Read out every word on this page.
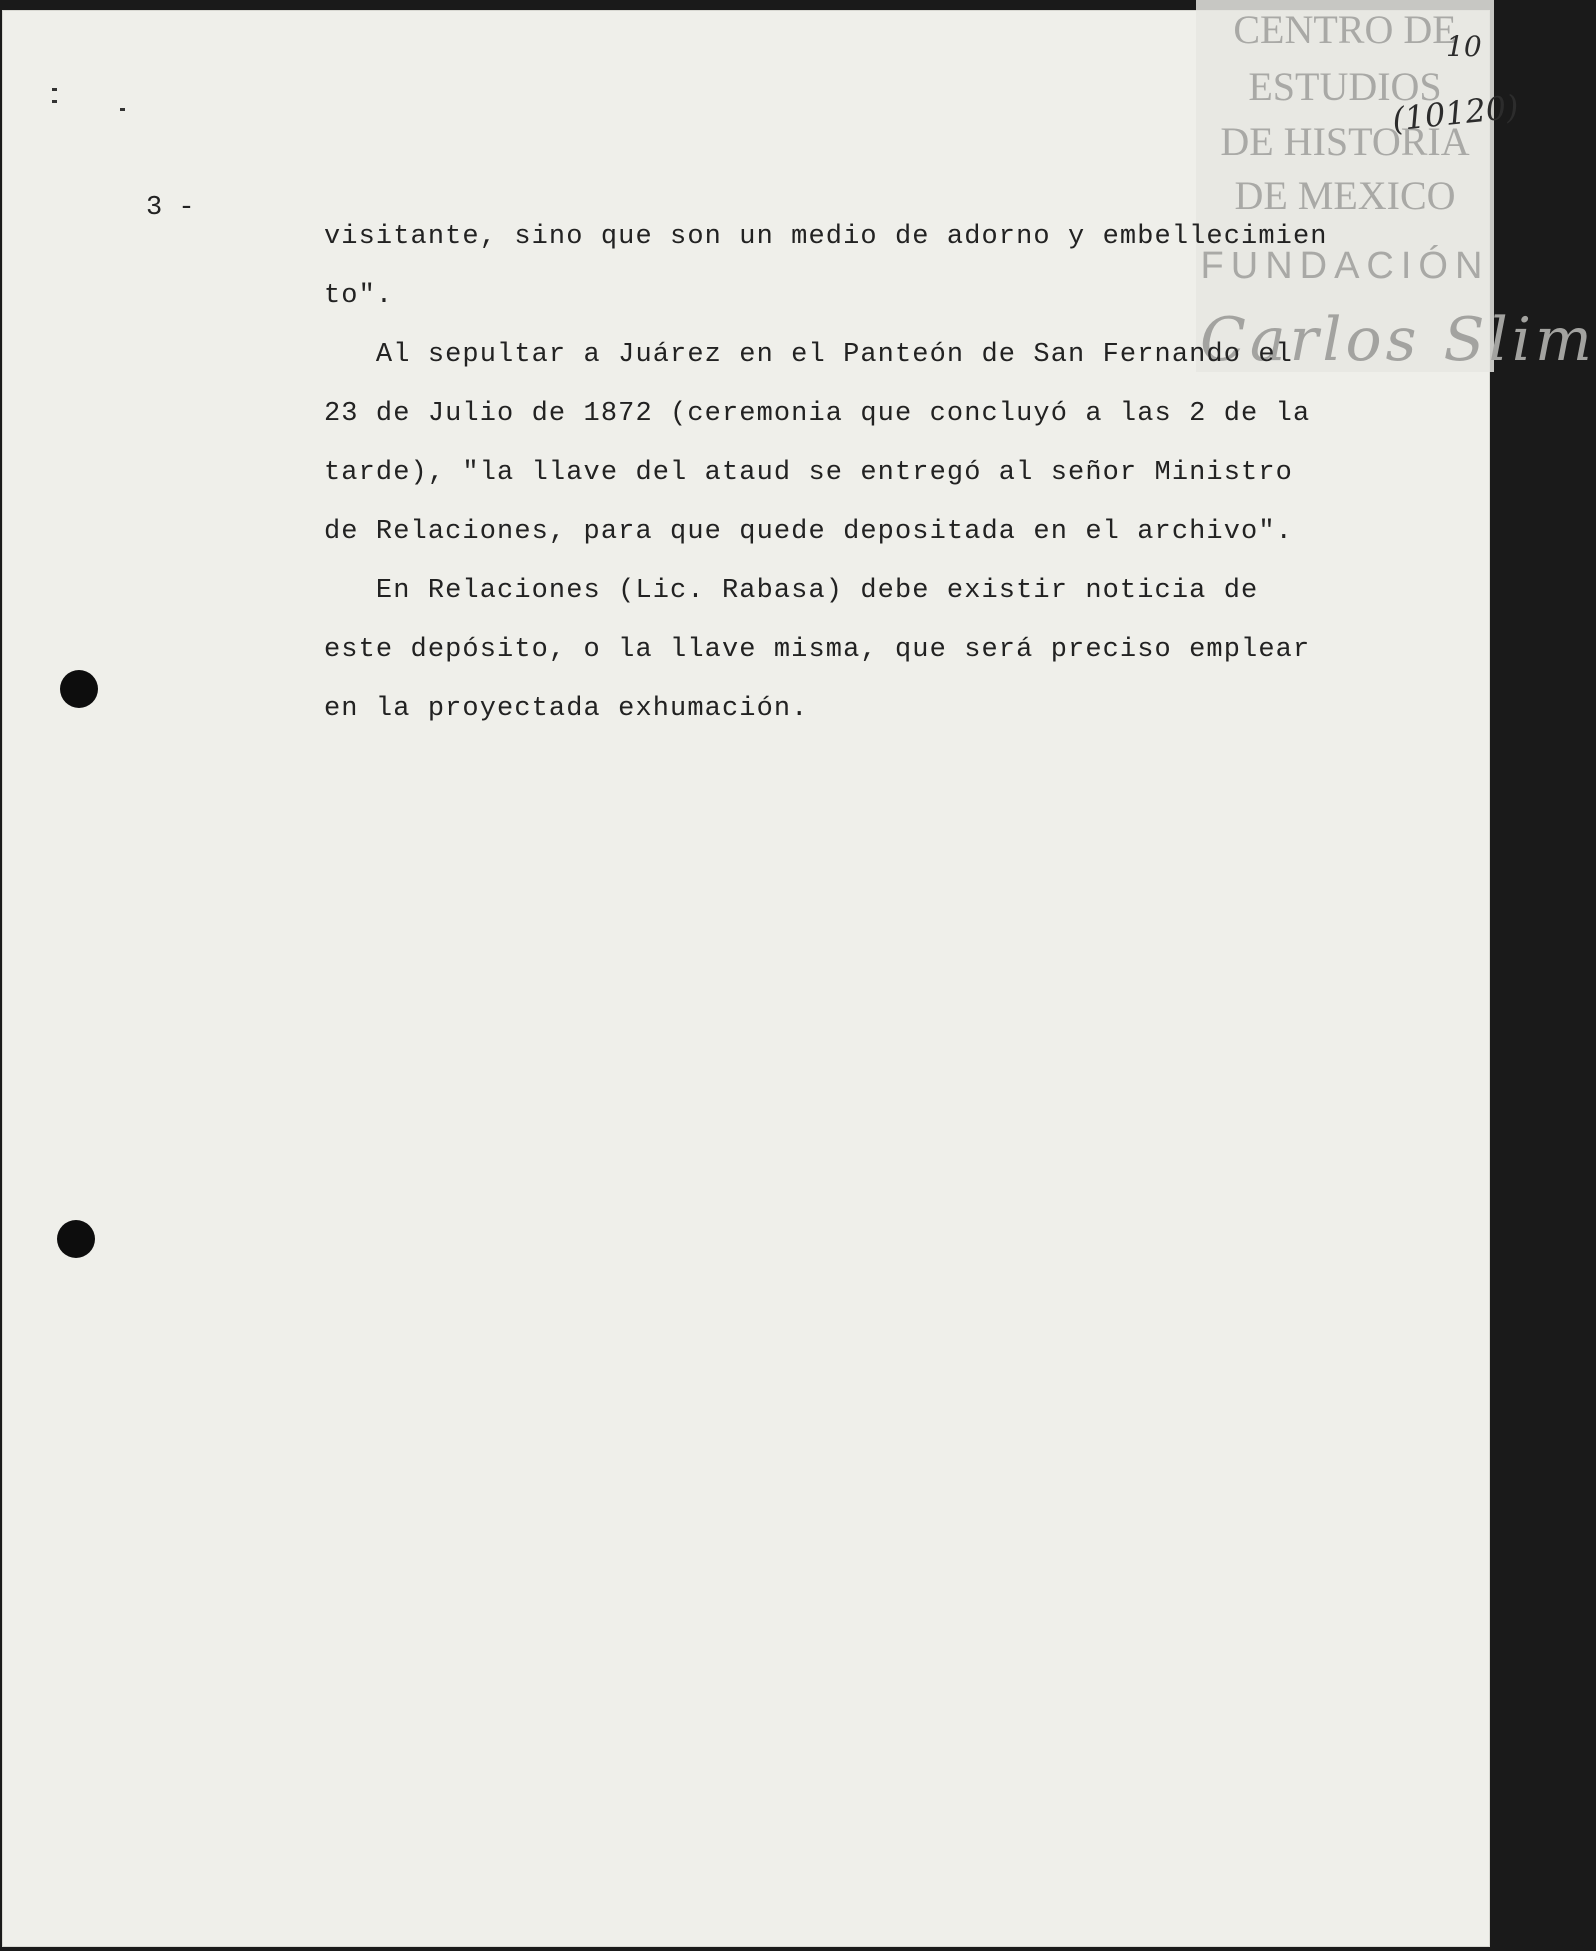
CENTRO DE
ESTUDIOS
DE HISTORIA
DE MEXICO
FUNDACIÓN
Carlos Slim
10
(10120)
3 -
visitante, sino que son un medio de adorno y embellecimien
to".
Al sepultar a Juárez en el Panteón de San Fernando el
23 de Julio de 1872 (ceremonia que concluyó a las 2 de la
tarde), "la llave del ataud se entregó al señor Ministro
de Relaciones, para que quede depositada en el archivo".
En Relaciones (Lic. Rabasa) debe existir noticia de
este depósito, o la llave misma, que será preciso emplear
en la proyectada exhumación.
